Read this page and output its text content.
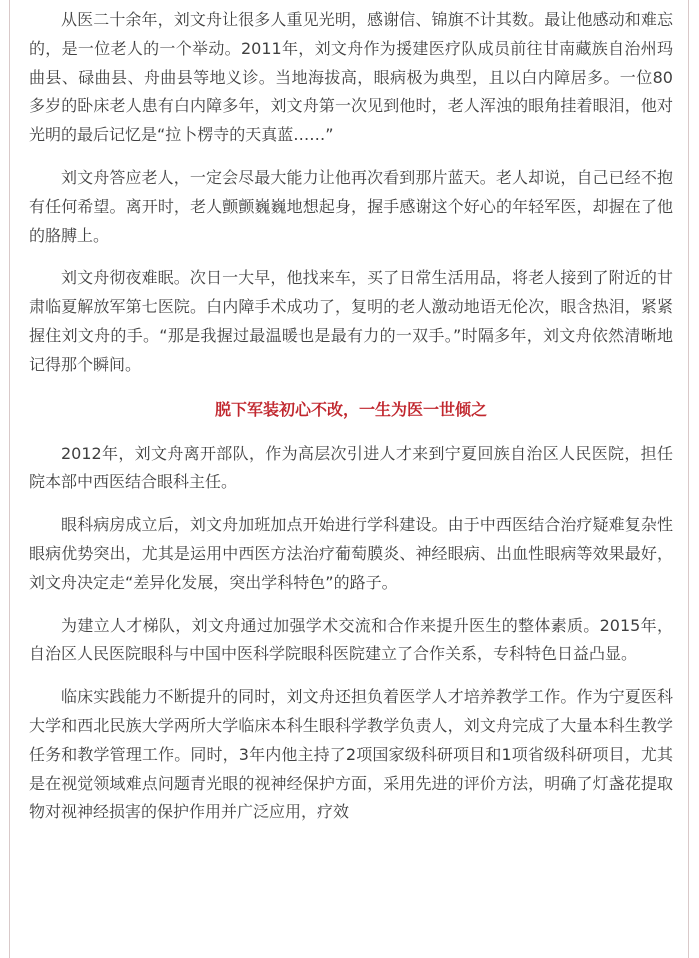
从医二十余年，刘文舟让很多人重见光明，感谢信、锦旗不计其数。最让他感动和难忘的，是一位老人的一个举动。2011年，刘文舟作为援建医疗队成员前往甘南藏族自治州玛曲县、碌曲县、舟曲县等地义诊。当地海拔高，眼病极为典型，且以白内障居多。一位80多岁的卧床老人患有白内障多年，刘文舟第一次见到他时，老人浑浊的眼角挂着眼泪，他对光明的最后记忆是“拉卜楞寺的天真蓝……”

刘文舟答应老人，一定会尽最大能力让他再次看到那片蓝天。老人却说，自己已经不抱有任何希望。离开时，老人颤颤巍巍地想起身，握手感谢这个好心的年轻军医，却握在了他的胳膊上。

刘文舟彻夜难眠。次日一大早，他找来车，买了日常生活用品，将老人接到了附近的甘肃临夏解放军第七医院。白内障手术成功了，复明的老人激动地语无伦次，眼含热泪，紧紧握住刘文舟的手。“那是我握过最温暖也是最有力的一双手。”时隔多年，刘文舟依然清晰地记得那个瞬间。

脱下军装初心不改，一生为医一世倾之

2012年，刘文舟离开部队，作为高层次引进人才来到宁夏回族自治区人民医院，担任院本部中西医结合眼科主任。

眼科病房成立后，刘文舟加班加点开始进行学科建设。由于中西医结合治疗疑难复杂性眼病优势突出，尤其是运用中西医方法治疗葡萄膜炎、神经眼病、出血性眼病等效果最好，刘文舟决定走“差异化发展，突出学科特色”的路子。

为建立人才梯队，刘文舟通过加强学术交流和合作来提升医生的整体素质。2015年，自治区人民医院眼科与中国中医科学院眼科医院建立了合作关系，专科特色日益凸显。

临床实践能力不断提升的同时，刘文舟还担负着医学人才培养教学工作。作为宁夏医科大学和西北民族大学两所大学临床本科生眼科学教学负责人，刘文舟完成了大量本科生教学任务和教学管理工作。同时，3年内他主持了2项国家级科研项目和1项省级科研项目，尤其是在视觉领域难点问题青光眼的视神经保护方面，采用先进的评价方法，明确了灯盏花提取物对视神经损害的保护作用并广泛应用，疗效
